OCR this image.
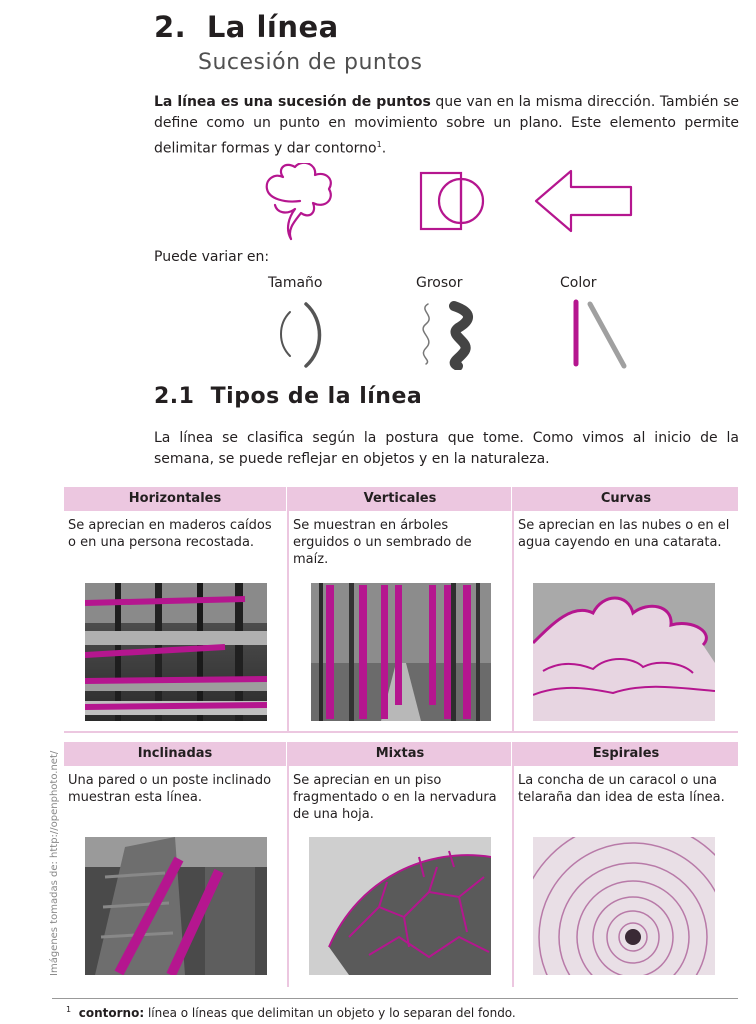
2. La línea
Sucesión de puntos
La línea es una sucesión de puntos que van en la misma dirección. También se define como un punto en movimiento sobre un plano. Este elemento permite delimitar formas y dar contorno$^1$.
Puede variar en:
Tamaño	Grosor	Color
2.1 Tipos de la línea
La línea se clasifica según la postura que tome. Como vimos al inicio de la semana, se puede reflejar en objetos y en la naturaleza.
Horizontales	Verticales	Curvas
Se aprecian en maderos caídos o en una persona recostada.
Se muestran en árboles erguidos o un sembrado de maíz.
Se aprecian en las nubes o en el agua cayendo en una catarata.
Inclinadas	Mixtas	Espirales
Una pared o un poste inclinado muestran esta línea.
Se aprecian en un piso fragmentado o en la nervadura de una hoja.
La concha de un caracol o una telaraña dan idea de esta línea.
Imágenes tomadas de: http://openphoto.net/
$^1$ contorno: línea o líneas que delimitan un objeto y lo separan del fondo.
